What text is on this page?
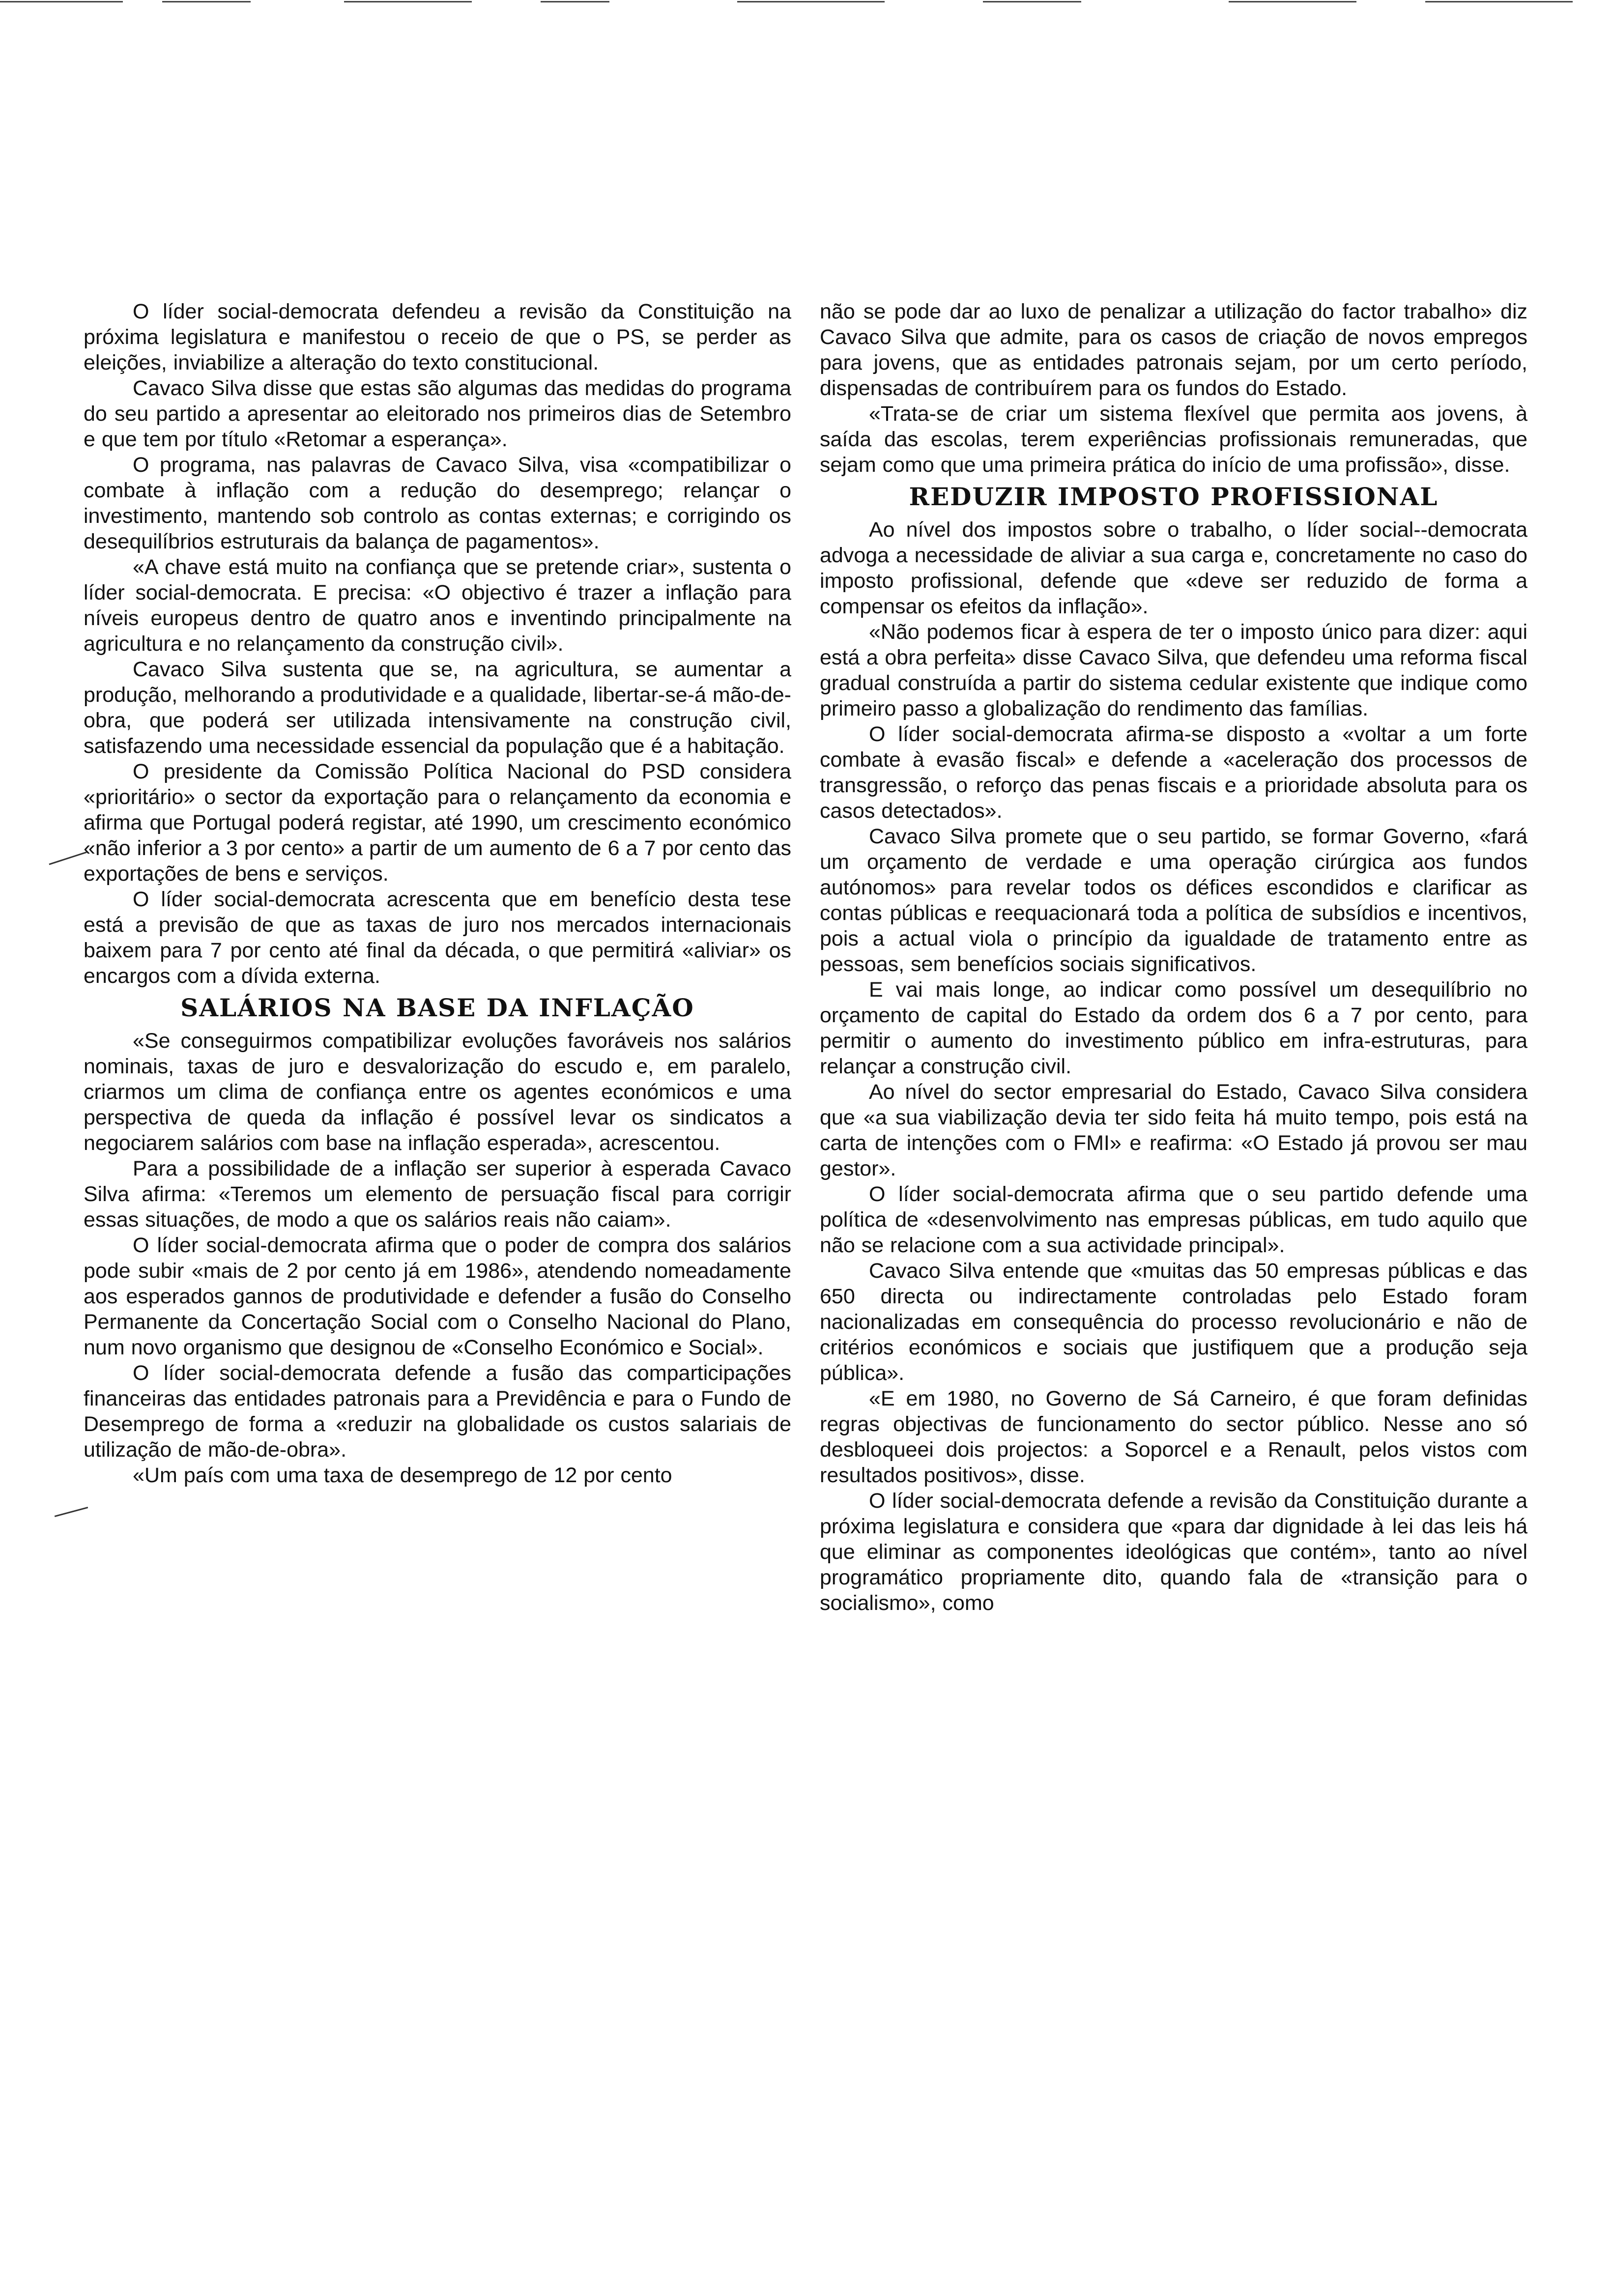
O líder social-democrata defendeu a revisão da Constituição na próxima legislatura e manifestou o receio de que o PS, se perder as eleições, inviabilize a alteração do texto constitucional.

Cavaco Silva disse que estas são algumas das medidas do programa do seu partido a apresentar ao eleitorado nos primeiros dias de Setembro e que tem por título «Retomar a esperança».

O programa, nas palavras de Cavaco Silva, visa «compatibilizar o combate à inflação com a redução do desemprego; relançar o investimento, mantendo sob controlo as contas externas; e corrigindo os desequilíbrios estruturais da balança de pagamentos».

«A chave está muito na confiança que se pretende criar», sustenta o líder social-democrata. E precisa: «O objectivo é trazer a inflação para níveis europeus dentro de quatro anos e inventindo principalmente na agricultura e no relançamento da construção civil».

Cavaco Silva sustenta que se, na agricultura, se aumentar a produção, melhorando a produtividade e a qualidade, libertar-se-á mão-de-obra, que poderá ser utilizada intensivamente na construção civil, satisfazendo uma necessidade essencial da população que é a habitação.

O presidente da Comissão Política Nacional do PSD considera «prioritário» o sector da exportação para o relançamento da economia e afirma que Portugal poderá registar, até 1990, um crescimento económico «não inferior a 3 por cento» a partir de um aumento de 6 a 7 por cento das exportações de bens e serviços.

O líder social-democrata acrescenta que em benefício desta tese está a previsão de que as taxas de juro nos mercados internacionais baixem para 7 por cento até final da década, o que permitirá «aliviar» os encargos com a dívida externa.

SALÁRIOS NA BASE DA INFLAÇÃO

«Se conseguirmos compatibilizar evoluções favoráveis nos salários nominais, taxas de juro e desvalorização do escudo e, em paralelo, criarmos um clima de confiança entre os agentes económicos e uma perspectiva de queda da inflação é possível levar os sindicatos a negociarem salários com base na inflação esperada», acrescentou.

Para a possibilidade de a inflação ser superior à esperada Cavaco Silva afirma: «Teremos um elemento de persuação fiscal para corrigir essas situações, de modo a que os salários reais não caiam».

O líder social-democrata afirma que o poder de compra dos salários pode subir «mais de 2 por cento já em 1986», atendendo nomeadamente aos esperados gannos de produtividade e defender a fusão do Conselho Permanente da Concertação Social com o Conselho Nacional do Plano, num novo organismo que designou de «Conselho Económico e Social».

O líder social-democrata defende a fusão das comparticipações financeiras das entidades patronais para a Previdência e para o Fundo de Desemprego de forma a «reduzir na globalidade os custos salariais de utilização de mão-de-obra».

«Um país com uma taxa de desemprego de 12 por cento

não se pode dar ao luxo de penalizar a utilização do factor trabalho» diz Cavaco Silva que admite, para os casos de criação de novos empregos para jovens, que as entidades patronais sejam, por um certo período, dispensadas de contribuírem para os fundos do Estado.

«Trata-se de criar um sistema flexível que permita aos jovens, à saída das escolas, terem experiências profissionais remuneradas, que sejam como que uma primeira prática do início de uma profissão», disse.

REDUZIR IMPOSTO PROFISSIONAL

Ao nível dos impostos sobre o trabalho, o líder social--democrata advoga a necessidade de aliviar a sua carga e, concretamente no caso do imposto profissional, defende que «deve ser reduzido de forma a compensar os efeitos da inflação».

«Não podemos ficar à espera de ter o imposto único para dizer: aqui está a obra perfeita» disse Cavaco Silva, que defendeu uma reforma fiscal gradual construída a partir do sistema cedular existente que indique como primeiro passo a globalização do rendimento das famílias.

O líder social-democrata afirma-se disposto a «voltar a um forte combate à evasão fiscal» e defende a «aceleração dos processos de transgressão, o reforço das penas fiscais e a prioridade absoluta para os casos detectados».

Cavaco Silva promete que o seu partido, se formar Governo, «fará um orçamento de verdade e uma operação cirúrgica aos fundos autónomos» para revelar todos os défices escondidos e clarificar as contas públicas e reequacionará toda a política de subsídios e incentivos, pois a actual viola o princípio da igualdade de tratamento entre as pessoas, sem benefícios sociais significativos.

E vai mais longe, ao indicar como possível um desequilíbrio no orçamento de capital do Estado da ordem dos 6 a 7 por cento, para permitir o aumento do investimento público em infra-estruturas, para relançar a construção civil.

Ao nível do sector empresarial do Estado, Cavaco Silva considera que «a sua viabilização devia ter sido feita há muito tempo, pois está na carta de intenções com o FMI» e reafirma: «O Estado já provou ser mau gestor».

O líder social-democrata afirma que o seu partido defende uma política de «desenvolvimento nas empresas públicas, em tudo aquilo que não se relacione com a sua actividade principal».

Cavaco Silva entende que «muitas das 50 empresas públicas e das 650 directa ou indirectamente controladas pelo Estado foram nacionalizadas em consequência do processo revolucionário e não de critérios económicos e sociais que justifiquem que a produção seja pública».

«E em 1980, no Governo de Sá Carneiro, é que foram definidas regras objectivas de funcionamento do sector público. Nesse ano só desbloqueei dois projectos: a Soporcel e a Renault, pelos vistos com resultados positivos», disse.

O líder social-democrata defende a revisão da Constituição durante a próxima legislatura e considera que «para dar dignidade à lei das leis há que eliminar as componentes ideológicas que contém», tanto ao nível programático propriamente dito, quando fala de «transição para o socialismo», como
